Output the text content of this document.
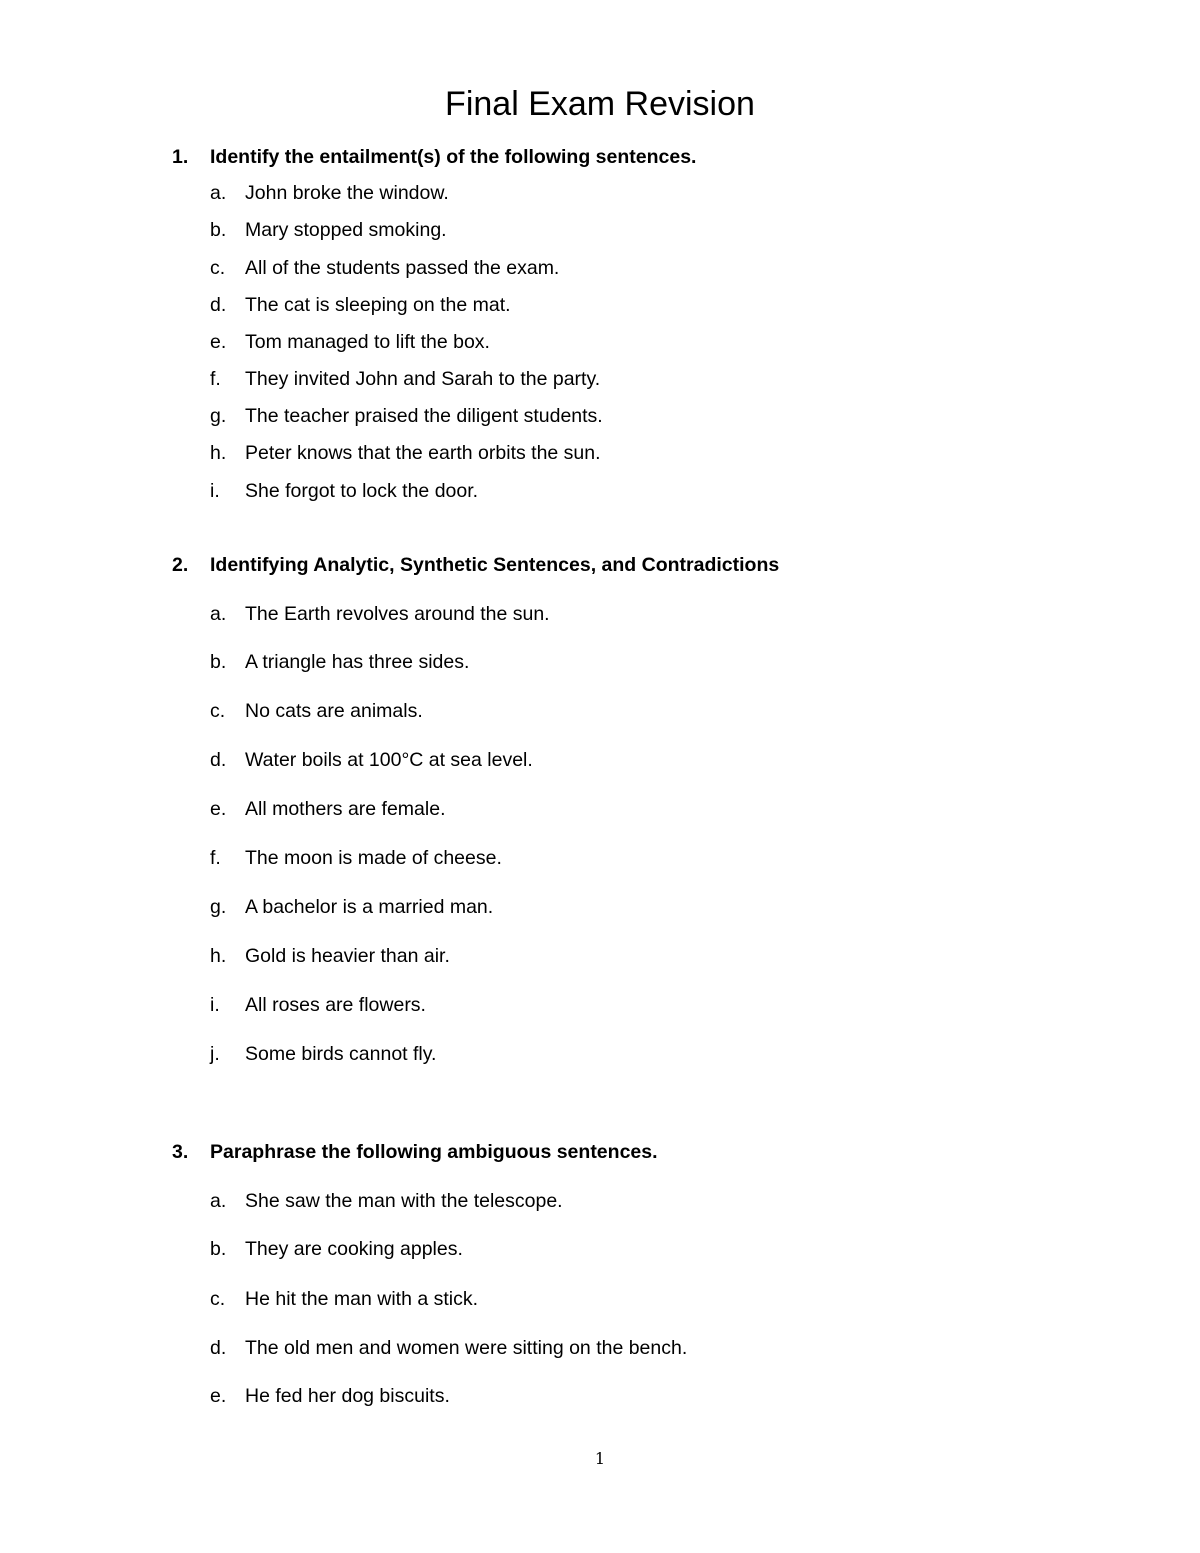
Final Exam Revision
1. Identify the entailment(s) of the following sentences.
a. John broke the window.
b. Mary stopped smoking.
c. All of the students passed the exam.
d. The cat is sleeping on the mat.
e. Tom managed to lift the box.
f. They invited John and Sarah to the party.
g. The teacher praised the diligent students.
h. Peter knows that the earth orbits the sun.
i. She forgot to lock the door.
2. Identifying Analytic, Synthetic Sentences, and Contradictions
a. The Earth revolves around the sun.
b. A triangle has three sides.
c. No cats are animals.
d. Water boils at 100°C at sea level.
e. All mothers are female.
f. The moon is made of cheese.
g. A bachelor is a married man.
h. Gold is heavier than air.
i. All roses are flowers.
j. Some birds cannot fly.
3. Paraphrase the following ambiguous sentences.
a. She saw the man with the telescope.
b. They are cooking apples.
c. He hit the man with a stick.
d. The old men and women were sitting on the bench.
e. He fed her dog biscuits.
1
